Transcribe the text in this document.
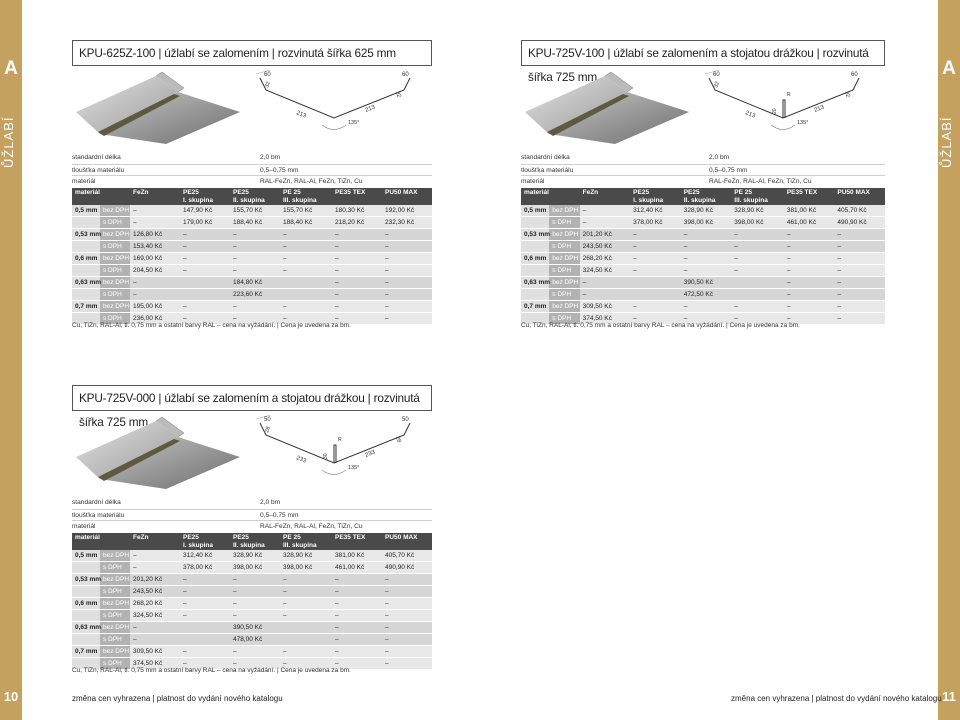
A
ŮŽLABÍ
10
A
ŮŽLABÍ
11
změna cen vyhrazena | platnost do vydání nového katalogu	změna cen vyhrazena | platnost do vydání nového katalogu
KPU-625Z-100 | úžlabí se zalomením | rozvinutá šířka 625 mm
60	60
32
32
213
213
135°
standardní délka	2,0 bm
tloušťka materiálu	0,5–0,75 mm
materiál	RAL-FeZn, RAL-Al, FeZn, TiZn, Cu
materiál		FeZn	PE25
I. skupina	PE25
II. skupina	PE 25
III. skupina	PE35 TEX	PU50 MAX
0,5 mm	bez DPH	–	147,90 Kč	155,70 Kč	155,70 Kč	180,30 Kč	192,00 Kč
	s DPH	–	179,00 Kč	188,40 Kč	188,40 Kč	218,20 Kč	232,30 Kč
0,53 mm	bez DPH	126,80 Kč	–	–	–	–	–
	s DPH	153,40 Kč	–	–	–	–	–
0,6 mm	bez DPH	169,00 Kč	–	–	–	–	–
	s DPH	204,50 Kč	–	–	–	–	–
0,63 mm	bez DPH	–		184,80 Kč		–	–
	s DPH	–		223,60 Kč		–	–
0,7 mm	bez DPH	195,00 Kč	–	–	–	–	–
	s DPH	236,00 Kč	–	–	–	–	–
Cu, TiZn, RAL-Al, tl. 0,75 mm a ostatní barvy RAL – cena na vyžádání. | Cena je uvedena za bm.
KPU-725V-100 | úžlabí se zalomením a stojatou drážkou | rozvinutá šířka 725 mm	60	60
32
32
213
213
135°
20
R
standardní délka	2,0 bm
tloušťka materiálu	0,5–0,75 mm
materiál	RAL-FeZn, RAL-Al, FeZn, TiZn, Cu
materiál		FeZn	PE25
I. skupina	PE25
II. skupina	PE 25
III. skupina	PE35 TEX	PU50 MAX
0,5 mm	bez DPH	–	312,40 Kč	328,90 Kč	328,90 Kč	381,00 Kč	405,70 Kč
	s DPH	–	378,00 Kč	398,00 Kč	398,00 Kč	461,00 Kč	490,90 Kč
0,53 mm	bez DPH	201,20 Kč	–	–	–	–	–
	s DPH	243,50 Kč	–	–	–	–	–
0,6 mm	bez DPH	268,20 Kč	–	–	–	–	–
	s DPH	324,50 Kč	–	–	–	–	–
0,63 mm	bez DPH	–		390,50 Kč		–	–
	s DPH	–		472,50 Kč		–	–
0,7 mm	bez DPH	309,50 Kč	–	–	–	–	–
	s DPH	374,50 Kč	–	–	–	–	–
Cu, TiZn, RAL-Al, tl. 0,75 mm a ostatní barvy RAL – cena na vyžádání. | Cena je uvedena za bm.
KPU-725V-000 | úžlabí se zalomením a stojatou drážkou | rozvinutá šířka 725 mm	50	50
28
28
233
233
135°
30
R
standardní délka	2,0 bm
tloušťka materiálu	0,5–0,75 mm
materiál	RAL-FeZn, RAL-Al, FeZn, TiZn, Cu
materiál		FeZn	PE25
I. skupina	PE25
II. skupina	PE 25
III. skupina	PE35 TEX	PU50 MAX
0,5 mm	bez DPH	–	312,40 Kč	328,90 Kč	328,90 Kč	381,00 Kč	405,70 Kč
	s DPH	–	378,00 Kč	398,00 Kč	398,00 Kč	461,00 Kč	490,90 Kč
0,53 mm	bez DPH	201,20 Kč	–	–	–	–	–
	s DPH	243,50 Kč	–	–	–	–	–
0,6 mm	bez DPH	268,20 Kč	–	–	–	–	–
	s DPH	324,50 Kč	–	–	–	–	–
0,63 mm	bez DPH	–		390,50 Kč		–	–
	s DPH	–		478,00 Kč		–	–
0,7 mm	bez DPH	309,50 Kč	–	–	–	–	–
	s DPH	374,50 Kč	–	–	–	–	–
Cu, TiZn, RAL-Al, tl. 0,75 mm a ostatní barvy RAL – cena na vyžádání. | Cena je uvedena za bm.
